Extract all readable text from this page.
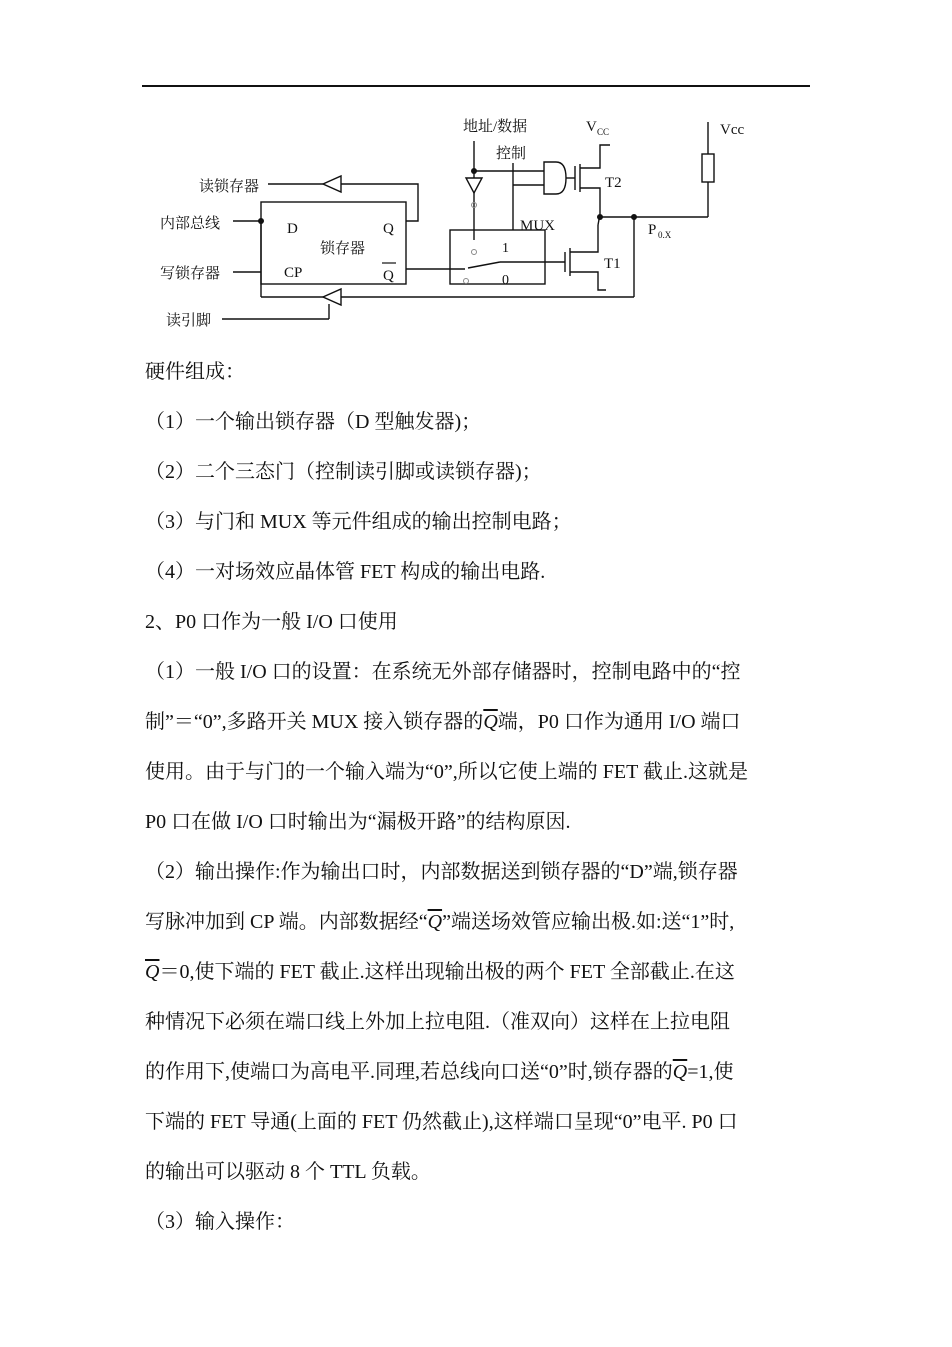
地址/数据
控制
V CC	Vcc
T2
MUX	P 0.X
T1
读锁存器
内部总线
写锁存器
读引脚
D	Q
锁存器
CP	Q
1
0
硬件组成：
（1）一个输出锁存器（D 型触发器)；
（2）二个三态门（控制读引脚或读锁存器)；
（3）与门和 MUX 等元件组成的输出控制电路；
（4）一对场效应晶体管 FET 构成的输出电路.
2、P0 口作为一般 I/O 口使用
（1）一般 I/O 口的设置：在系统无外部存储器时，控制电路中的“控
制”＝“0”,多路开关 MUX 接入锁存器的$\overline{Q}$端，P0 口作为通用 I/O 端口
使用。由于与门的一个输入端为“0”,所以它使上端的 FET 截止.这就是
P0 口在做 I/O 口时输出为“漏极开路”的结构原因.
（2）输出操作:作为输出口时，内部数据送到锁存器的“D”端,锁存器
写脉冲加到 CP 端。内部数据经“$\overline{Q}$”端送场效管应输出极.如:送“1”时,
$\overline{Q}=0$,使下端的 FET 截止.这样出现输出极的两个 FET 全部截止.在这
种情况下必须在端口线上外加上拉电阻.（准双向）这样在上拉电阻
的作用下,使端口为高电平.同理,若总线向口送“0”时,锁存器的$\overline{Q}=1$,使
下端的 FET 导通(上面的 FET 仍然截止),这样端口呈现“0”电平. P0 口
的输出可以驱动 8 个 TTL 负载。
（3）输入操作：
